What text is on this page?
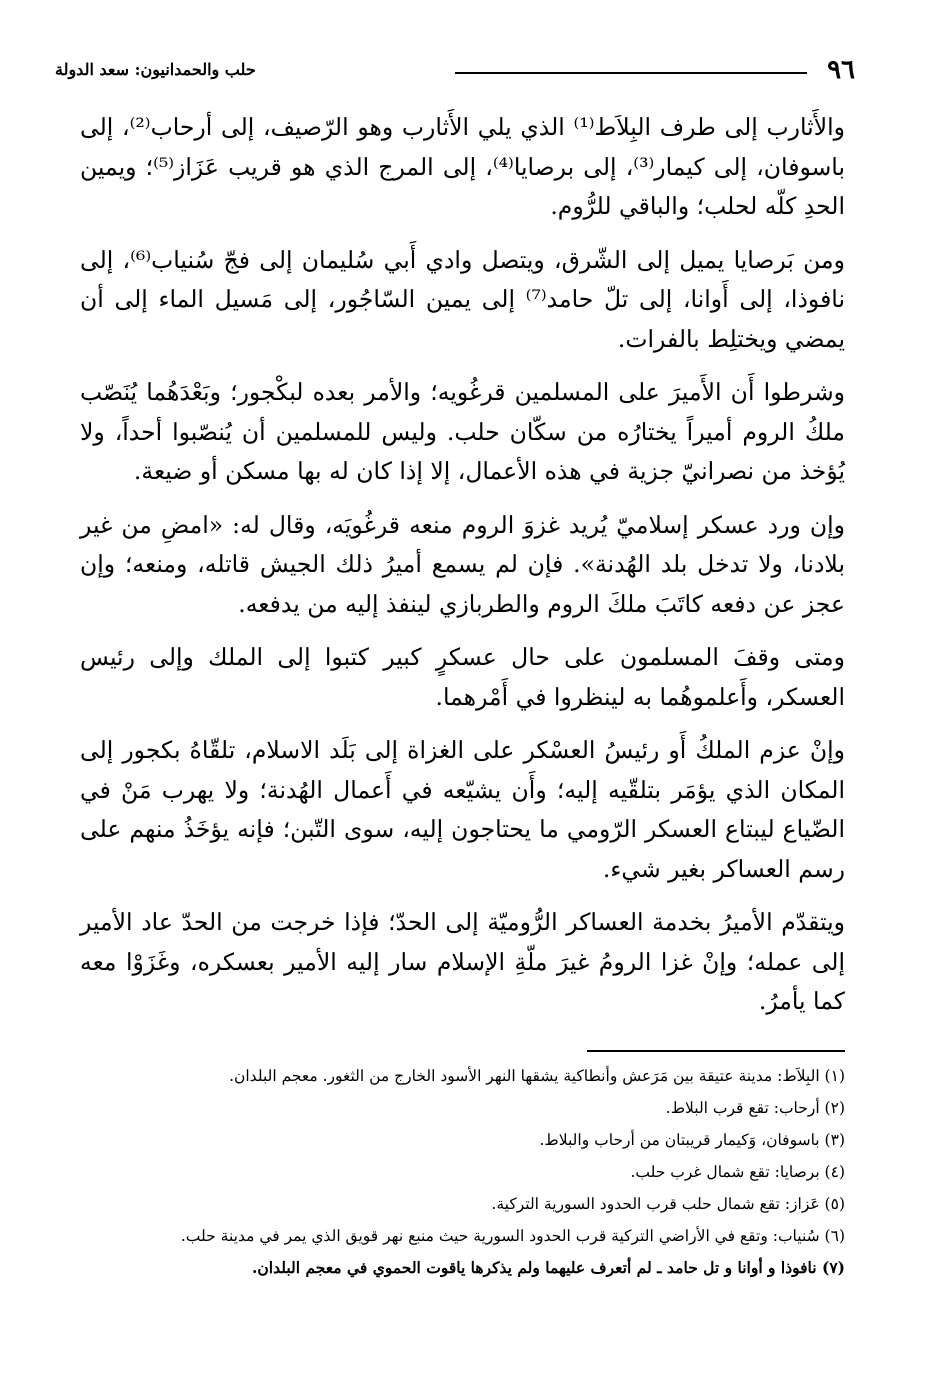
٩٦
حلب والحمدانيون: سعد الدولة

والأَثارب إلى طرف البِلاَط⁽¹⁾ الذي يلي الأَثارب وهو الرّصيف، إلى أرحاب⁽²⁾، إلى باسوفان، إلى كيمار⁽³⁾، إلى برصايا⁽⁴⁾، إلى المرج الذي هو قريب عَزَاز⁽⁵⁾؛ ويمين الحدِ كلّه لحلب؛ والباقي للرُّوم.

ومن بَرصايا يميل إلى الشّرق، ويتصل وادي أَبي سُليمان إلى فجّ سُنياب⁽⁶⁾، إلى نافوذا، إلى أَوانا، إلى تلّ حامد⁽⁷⁾ إلى يمين السّاجُور، إلى مَسيل الماء إلى أن يمضي ويختلِط بالفرات.

وشرطوا أَن الأَميرَ على المسلمين قرغُويه؛ والأمر بعده لبكْجور؛ وبَعْدَهُما يُنَصّب ملكُ الروم أميراً يختارُه من سكّان حلب. وليس للمسلمين أن يُنصّبوا أحداً، ولا يُؤخذ من نصرانيّ جزية في هذه الأعمال، إلا إذا كان له بها مسكن أو ضيعة.

وإن ورد عسكر إسلاميّ يُريد غزوَ الروم منعه قرغُويَه، وقال له: «امضِ من غير بلادنا، ولا تدخل بلد الهُدنة». فإن لم يسمع أميرُ ذلك الجيش قاتله، ومنعه؛ وإن عجز عن دفعه كاتَبَ ملكَ الروم والطربازي لينفذ إليه من يدفعه.

ومتى وقفَ المسلمون على حال عسكرٍ كبير كتبوا إلى الملك وإلى رئيس العسكر، وأَعلموهُما به لينظروا في أَمْرهما.

وإنْ عزم الملكُ أَو رئيسُ العسْكر على الغزاة إلى بَلَد الاسلام، تلقّاهُ بكجور إلى المكان الذي يؤمَر بتلقّيه إليه؛ وأَن يشيّعه في أَعمال الهُدنة؛ ولا يهرب مَنْ في الضّياع ليبتاع العسكر الرّومي ما يحتاجون إليه، سوى التّبن؛ فإنه يؤخَذُ منهم على رسم العساكر بغير شيء.

ويتقدّم الأميرُ بخدمة العساكر الرُّوميّة إلى الحدّ؛ فإذا خرجت من الحدّ عاد الأمير إلى عمله؛ وإنْ غزا الرومُ غيرَ ملّةِ الإسلام سار إليه الأمير بعسكره، وغَزَوْا معه كما يأمرُ.

(١) البِلاَط: مدينة عتيقة بين مَرَعش وأنطاكية يشقها النهر الأسود الخارج من الثغور. معجم البلدان.

(٢) أرحاب: تقع قرب البلاط.

(٣) باسوفان، وَكيمار قريبتان من أرحاب والبلاط.

(٤) برصايا: تقع شمال غرب حلب.

(٥) عَزاز: تقع شمال حلب قرب الحدود السورية التركية.

(٦) سُنياب: وتقع في الأراضي التركية قرب الحدود السورية حيث منبع نهر قويق الذي يمر في مدينة حلب.

(٧) نافوذا و أوانا و تل حامد ـ لم أتعرف عليهما ولم يذكرها ياقوت الحموي في معجم البلدان.
